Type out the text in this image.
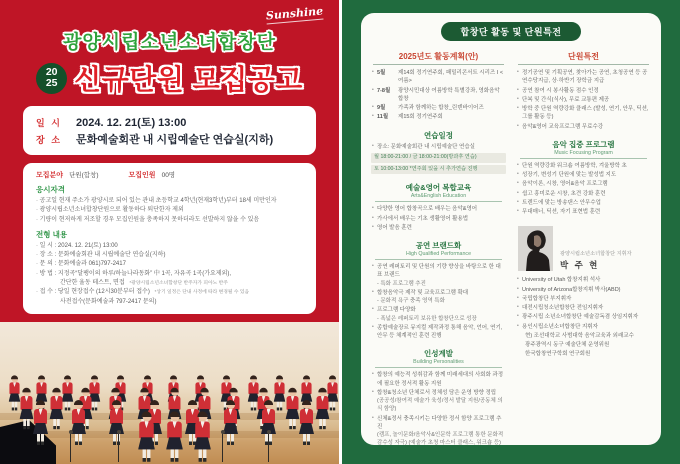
Sunshine
광양시립소년소녀합창단
20
25 신규단원 모집공고
일 시 2024. 12. 21(토) 13:00
장 소 문화예술회관 내 시립예술단 연습실(지하)
모집분야 단원(합창)	모집인원 00명
응시자격
· 공고일 현재 주소가 광양시로 되어 있는 관내 초등학교 4학년(현재3학년)부터 18세 미만인자
· 광양시립소년소녀합창단원으로 활동하다 퇴단한자 제외
· 기량이 현저하게 저조할 경우 모집인원을 충족하지 못하더라도 선발하지 않을 수 있음
전형 내용
· 일 시 : 2024. 12. 21(토) 13:00
· 장 소 : 문화예술회관 내 시립예술단 연습실(지하)
· 문 의 : 문화예술과 061)797-2417
· 방 법 : 지정곡“달팽이의 하루/하늘나라동화” 中 1곡, 자유곡 1곡(가요제외),
간단한 율동 테스트, 면접 *광양시립소년소녀합창단 반주자가 피아노 반주
· 접 수 : 당일 현장접수 (12시30분부터 접수) *상기 일정은 단내 사정에 따라 변경될 수 있음
사전접수(문화예술과 797-2417 문의)
합창단 활동 및 단원특전
2025년도 활동계획(안)
• 5월	제14회 정기연주회, 패밀리콘서트 시리즈 I <여름>
• 7-8월	광양시민대상 여름방학 특별강좌, 영화음악 합창
• 9월	가족과 함께하는 합창_린덴바이어즈
• 11월	제15회 정기연주회
연습일정
• 장소: 문화예술회관 내 시립예술단 연습실
월 18:00-21:00 / 금 18:00-21:00(방과후 연습)
토 10:00-13:00 *연주회 있을 시 추가연습 진행
예술&영어 복합교육
Arts&English Education
• 다양한 영어 합창곡으로 배우는 음악&영어
• 가사에서 배우는 기초 생활영어 활용법
• 영어 발음 훈련
공연 브랜드화
High Qualified Performance
• 공연 레퍼토리 및 단원의 기량 향상을 바탕으로 한 대표 브랜드
- 특화 프로그램 추진
• 합창음악극 제작 및 교육프로그램 확대
- 문화적 욕구 충족 영역 특화
• 프로그램 다양화
- 폭넓은 레퍼토리 보유한 합창단으로 성장
• 종합예술장르 뮤지컬 제작과정 통해 음악, 언어, 연기, 안무 등 체계적인 훈련 진행
인성계발
Building Personalities
• 합창의 예능적 성취감과 함께 미래세대의 사회화 과정에 필요한 정서적 활동 지원
• 합창&청소년 단체로서 정체성 담은 운영 방향 정립
(공공성/참여적 예술가 육성/정서 발달 지원/공동체 의식 함양)
• 신체&정서 충족시키는 다양한 정서 함양 프로그램 추진
(캠프, 놀이문화/음악사&인문학 프로그램 통한 문화적 감수성 자극) (예술가 초청 마스터 클래스, 워크숍 등)
단원특전
• 정기공연 및 기획공연, 찾아가는 공연, 초청공연 등 공연수당지급, 상·하반기 장학금 지급
• 공연 참여 시 봉사활동 점수 인정
• 단복 및 간식(식사), 무료 교통편 제공
• 방학 중 단원 역량강화 클래스 (발성, 연기, 안무, 딕션, 그룹 활동 등)
• 음악&영어 교육프로그램 무료수강
음악 집중 프로그램
Music Focusing Program
• 단원 역량강화 워크숍 여름방학, 겨울방학 초
• 성장기, 변성기 단원에 맞는 발성법 지도
• 음악이론, 시창, 영어&음악 프로그램
• 쉽고 흥미로운 시창, 초견 강화 훈련
• 트렌드에 맞는 방송댄스 안무수업
• 무대매너, 딕션, 자기 표현법 훈련
광양시립소년소녀합창단 지휘자
박 주 현
• University of Utah 합창지휘 석사
• University of Arizona합창지휘 박사(ABD)
• 국립합창단 부지휘자
• 대전시립청소년합창단 전임지휘자
• 광주시립 소년소녀합창단 예술감독겸 상임지휘자
• 용인시립소년소녀합창단 지휘자
현) 조선대학교 사범대학 음악교육과 외래교수
광주광역시 동구 예술단체 운영위원
한국합창연구학회 연구회원
